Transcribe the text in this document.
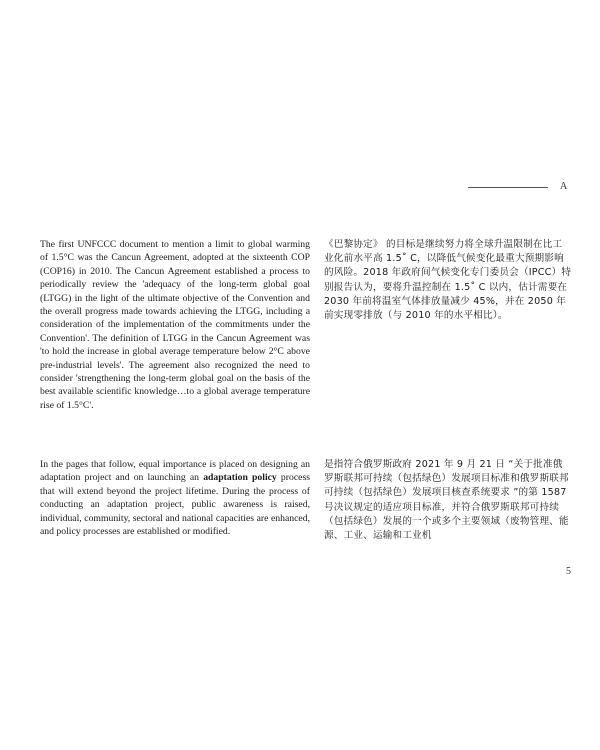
A

The first UNFCCC document to mention a limit to global warming of 1.5°C was the Cancun Agreement, adopted at the sixteenth COP (COP16) in 2010. The Cancun Agreement established a process to periodically review the 'adequacy of the long-term global goal (LTGG) in the light of the ultimate objective of the Convention and the overall progress made towards achieving the LTGG, including a consideration of the implementation of the commitments under the Convention'. The definition of LTGG in the Cancun Agreement was 'to hold the increase in global average temperature below 2°C above pre-industrial levels'. The agreement also recognized the need to consider 'strengthening the long-term global goal on the basis of the best available scientific knowledge…to a global average temperature rise of 1.5°C'.

In the pages that follow, equal importance is placed on designing an adaptation project and on launching an adaptation policy process that will extend beyond the project lifetime. During the process of conducting an adaptation project, public awareness is raised, individual, community, sectoral and national capacities are enhanced, and policy processes are established or modified.

《巴黎协定》 的目标是继续努力将全球升温限制在比工业化前水平高 1.5˚ C，以降低气候变化最重大预期影响的风险。2018 年政府间气候变化专门委员会（IPCC）特别报告认为，要将升温控制在 1.5˚ C 以内，估计需要在 2030 年前将温室气体排放量减少 45%，并在 2050 年前实现零排放（与 2010 年的水平相比）。

是指符合俄罗斯政府 2021 年 9 月 21 日 “关于批准俄罗斯联邦可持续（包括绿色）发展项目标准和俄罗斯联邦可持续（包括绿色）发展项目核查系统要求 ”的第 1587 号决议规定的适应项目标准，并符合俄罗斯联邦可持续（包括绿色）发展的一个或多个主要领域（废物管理、能源、工业、运输和工业机

5
